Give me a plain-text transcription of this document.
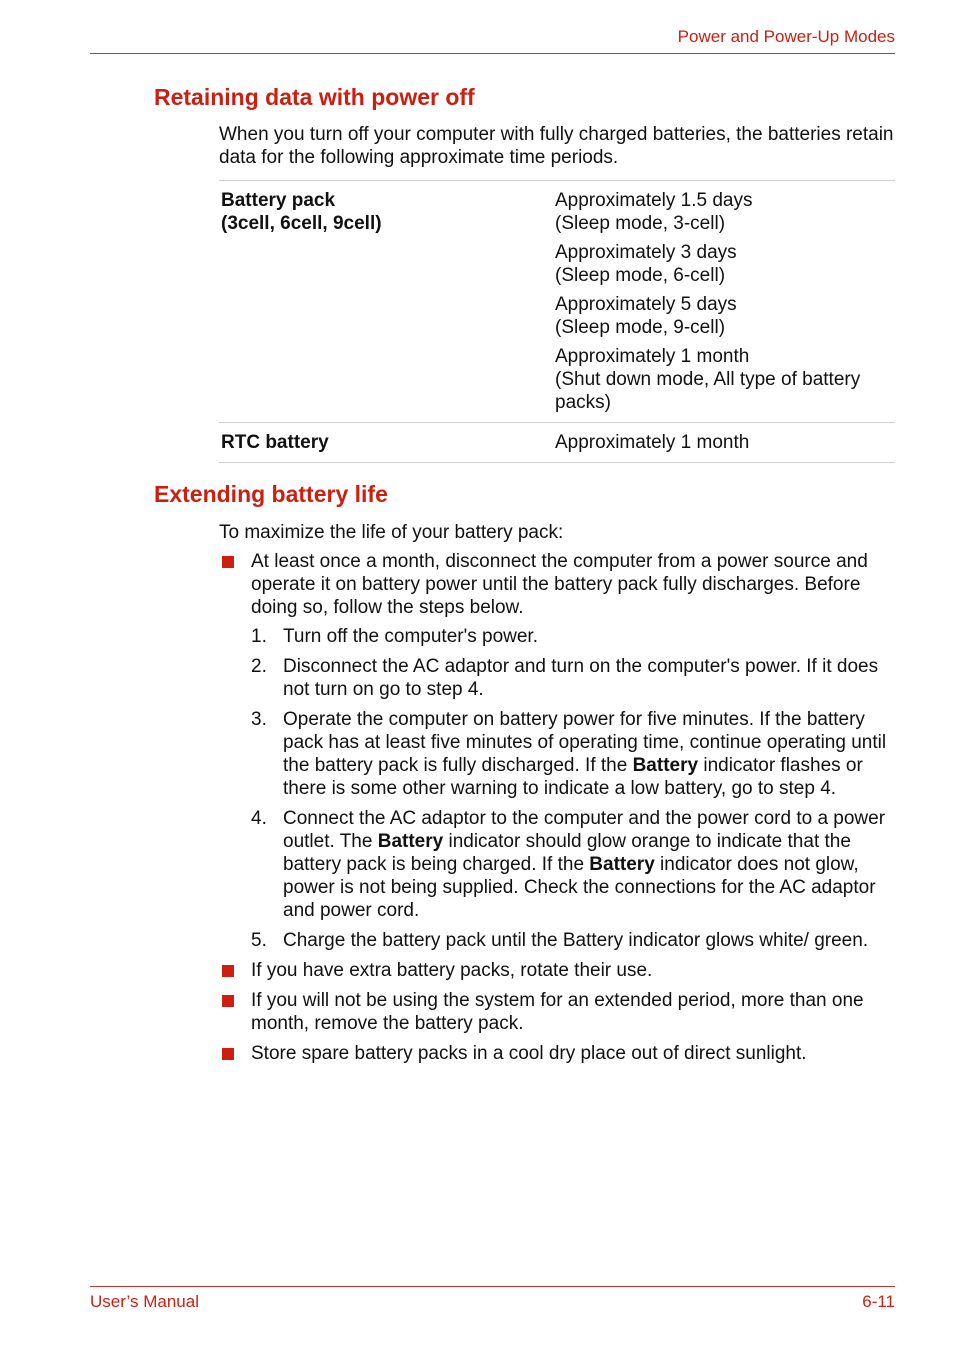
Power and Power-Up Modes
Retaining data with power off

When you turn off your computer with fully charged batteries, the batteries retain data for the following approximate time periods.

Battery pack
(3cell, 6cell, 9cell)
Approximately 1.5 days
(Sleep mode, 3-cell)
Approximately 3 days
(Sleep mode, 6-cell)
Approximately 5 days
(Sleep mode, 9-cell)
Approximately 1 month
(Shut down mode, All type of battery packs)
RTC battery	Approximately 1 month
Extending battery life

To maximize the life of your battery pack:

At least once a month, disconnect the computer from a power source and operate it on battery power until the battery pack fully discharges. Before doing so, follow the steps below.
1. Turn off the computer's power.
2. Disconnect the AC adaptor and turn on the computer's power. If it does not turn on go to step 4.
3. Operate the computer on battery power for five minutes. If the battery pack has at least five minutes of operating time, continue operating until the battery pack is fully discharged. If the Battery indicator flashes or there is some other warning to indicate a low battery, go to step 4.
4. Connect the AC adaptor to the computer and the power cord to a power outlet. The Battery indicator should glow orange to indicate that the battery pack is being charged. If the Battery indicator does not glow, power is not being supplied. Check the connections for the AC adaptor and power cord.
5. Charge the battery pack until the Battery indicator glows white/ green.
If you have extra battery packs, rotate their use.
If you will not be using the system for an extended period, more than one month, remove the battery pack.
Store spare battery packs in a cool dry place out of direct sunlight.
User’s Manual	6-11
